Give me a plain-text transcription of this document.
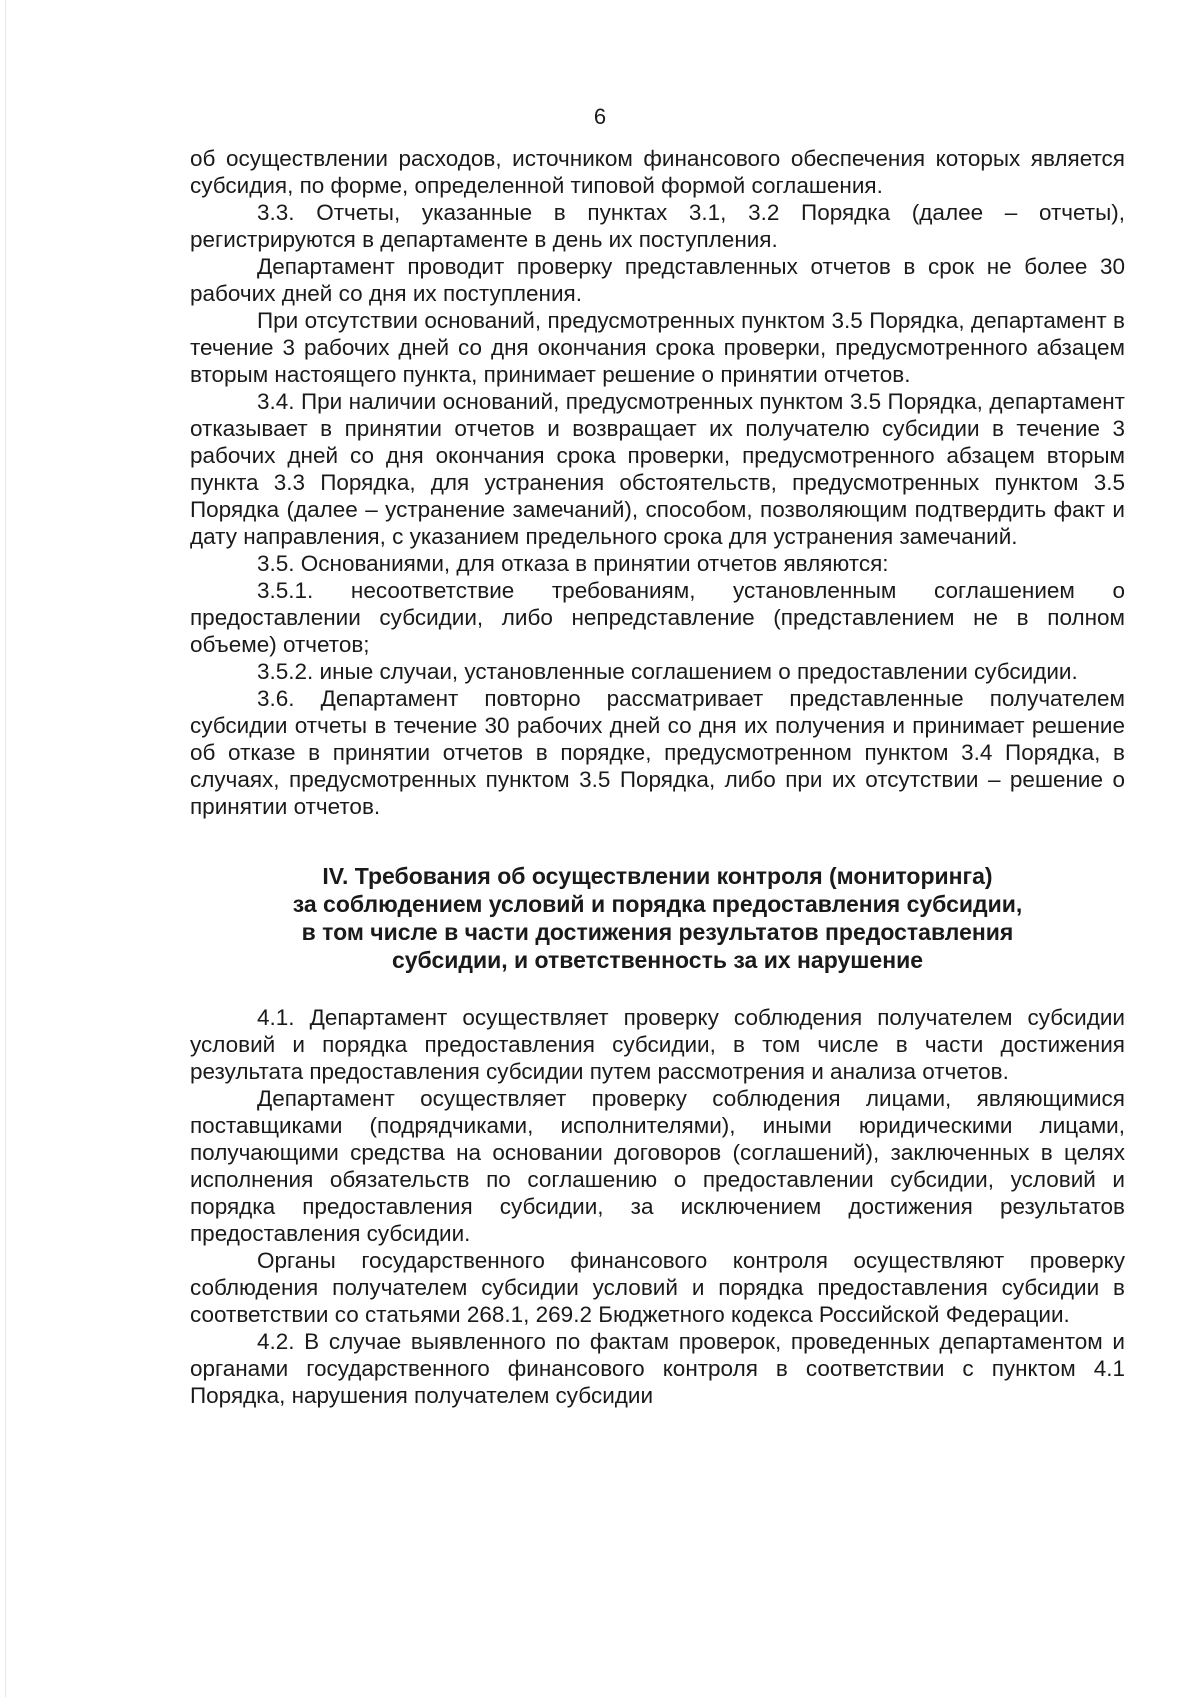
6

об осуществлении расходов, источником финансового обеспечения которых является субсидия, по форме, определенной типовой формой соглашения.

3.3. Отчеты, указанные в пунктах 3.1, 3.2 Порядка (далее – отчеты), регистрируются в департаменте в день их поступления.

Департамент проводит проверку представленных отчетов в срок не более 30 рабочих дней со дня их поступления.

При отсутствии оснований, предусмотренных пунктом 3.5 Порядка, департамент в течение 3 рабочих дней со дня окончания срока проверки, предусмотренного абзацем вторым настоящего пункта, принимает решение о принятии отчетов.

3.4. При наличии оснований, предусмотренных пунктом 3.5 Порядка, департамент отказывает в принятии отчетов и возвращает их получателю субсидии в течение 3 рабочих дней со дня окончания срока проверки, предусмотренного абзацем вторым пункта 3.3 Порядка, для устранения обстоятельств, предусмотренных пунктом 3.5 Порядка (далее – устранение замечаний), способом, позволяющим подтвердить факт и дату направления, с указанием предельного срока для устранения замечаний.

3.5. Основаниями, для отказа в принятии отчетов являются:

3.5.1. несоответствие требованиям, установленным соглашением о предоставлении субсидии, либо непредставление (представлением не в полном объеме) отчетов;

3.5.2. иные случаи, установленные соглашением о предоставлении субсидии.

3.6. Департамент повторно рассматривает представленные получателем субсидии отчеты в течение 30 рабочих дней со дня их получения и принимает решение об отказе в принятии отчетов в порядке, предусмотренном пунктом 3.4 Порядка, в случаях, предусмотренных пунктом 3.5 Порядка, либо при их отсутствии – решение о принятии отчетов.

IV. Требования об осуществлении контроля (мониторинга)
за соблюдением условий и порядка предоставления субсидии,
в том числе в части достижения результатов предоставления
субсидии, и ответственность за их нарушение

4.1. Департамент осуществляет проверку соблюдения получателем субсидии условий и порядка предоставления субсидии, в том числе в части достижения результата предоставления субсидии путем рассмотрения и анализа отчетов.

Департамент осуществляет проверку соблюдения лицами, являющимися поставщиками (подрядчиками, исполнителями), иными юридическими лицами, получающими средства на основании договоров (соглашений), заключенных в целях исполнения обязательств по соглашению о предоставлении субсидии, условий и порядка предоставления субсидии, за исключением достижения результатов предоставления субсидии.

Органы государственного финансового контроля осуществляют проверку соблюдения получателем субсидии условий и порядка предоставления субсидии в соответствии со статьями 268.1, 269.2 Бюджетного кодекса Российской Федерации.

4.2. В случае выявленного по фактам проверок, проведенных департаментом и органами государственного финансового контроля в соответствии с пунктом 4.1 Порядка, нарушения получателем субсидии
